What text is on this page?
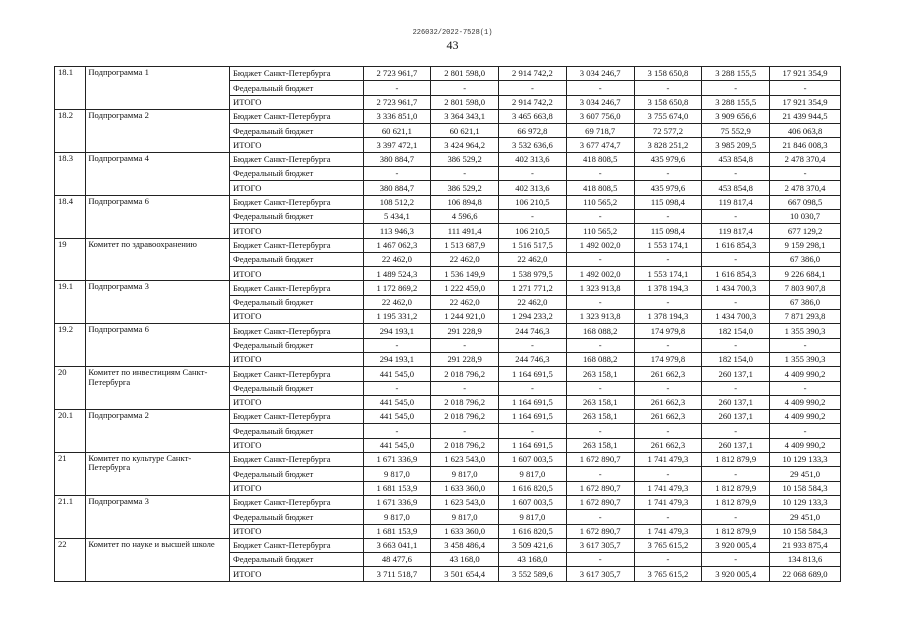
226032/2022-7528(1)
43
18.1	Подпрограмма 1	Бюджет Санкт-Петербурга	2 723 961,7	2 801 598,0	2 914 742,2	3 034 246,7	3 158 650,8	3 288 155,5	17 921 354,9
		Федеральный бюджет	-	-	-	-	-	-	-
		ИТОГО	2 723 961,7	2 801 598,0	2 914 742,2	3 034 246,7	3 158 650,8	3 288 155,5	17 921 354,9
18.2	Подпрограмма 2	Бюджет Санкт-Петербурга	3 336 851,0	3 364 343,1	3 465 663,8	3 607 756,0	3 755 674,0	3 909 656,6	21 439 944,5
		Федеральный бюджет	60 621,1	60 621,1	66 972,8	69 718,7	72 577,2	75 552,9	406 063,8
		ИТОГО	3 397 472,1	3 424 964,2	3 532 636,6	3 677 474,7	3 828 251,2	3 985 209,5	21 846 008,3
18.3	Подпрограмма 4	Бюджет Санкт-Петербурга	380 884,7	386 529,2	402 313,6	418 808,5	435 979,6	453 854,8	2 478 370,4
		Федеральный бюджет	-	-	-	-	-	-	-
		ИТОГО	380 884,7	386 529,2	402 313,6	418 808,5	435 979,6	453 854,8	2 478 370,4
18.4	Подпрограмма 6	Бюджет Санкт-Петербурга	108 512,2	106 894,8	106 210,5	110 565,2	115 098,4	119 817,4	667 098,5
		Федеральный бюджет	5 434,1	4 596,6	-	-	-	-	10 030,7
		ИТОГО	113 946,3	111 491,4	106 210,5	110 565,2	115 098,4	119 817,4	677 129,2
19	Комитет по здравоохранению	Бюджет Санкт-Петербурга	1 467 062,3	1 513 687,9	1 516 517,5	1 492 002,0	1 553 174,1	1 616 854,3	9 159 298,1
		Федеральный бюджет	22 462,0	22 462,0	22 462,0	-	-	-	67 386,0
		ИТОГО	1 489 524,3	1 536 149,9	1 538 979,5	1 492 002,0	1 553 174,1	1 616 854,3	9 226 684,1
19.1	Подпрограмма 3	Бюджет Санкт-Петербурга	1 172 869,2	1 222 459,0	1 271 771,2	1 323 913,8	1 378 194,3	1 434 700,3	7 803 907,8
		Федеральный бюджет	22 462,0	22 462,0	22 462,0	-	-	-	67 386,0
		ИТОГО	1 195 331,2	1 244 921,0	1 294 233,2	1 323 913,8	1 378 194,3	1 434 700,3	7 871 293,8
19.2	Подпрограмма 6	Бюджет Санкт-Петербурга	294 193,1	291 228,9	244 746,3	168 088,2	174 979,8	182 154,0	1 355 390,3
		Федеральный бюджет	-	-	-	-	-	-	-
		ИТОГО	294 193,1	291 228,9	244 746,3	168 088,2	174 979,8	182 154,0	1 355 390,3
20	Комитет по инвестициям Санкт-Петербурга	Бюджет Санкт-Петербурга	441 545,0	2 018 796,2	1 164 691,5	263 158,1	261 662,3	260 137,1	4 409 990,2
		Федеральный бюджет	-	-	-	-	-	-	-
		ИТОГО	441 545,0	2 018 796,2	1 164 691,5	263 158,1	261 662,3	260 137,1	4 409 990,2
20.1	Подпрограмма 2	Бюджет Санкт-Петербурга	441 545,0	2 018 796,2	1 164 691,5	263 158,1	261 662,3	260 137,1	4 409 990,2
		Федеральный бюджет	-	-	-	-	-	-	-
		ИТОГО	441 545,0	2 018 796,2	1 164 691,5	263 158,1	261 662,3	260 137,1	4 409 990,2
21	Комитет по культуре Санкт-Петербурга	Бюджет Санкт-Петербурга	1 671 336,9	1 623 543,0	1 607 003,5	1 672 890,7	1 741 479,3	1 812 879,9	10 129 133,3
		Федеральный бюджет	9 817,0	9 817,0	9 817,0	-	-	-	29 451,0
		ИТОГО	1 681 153,9	1 633 360,0	1 616 820,5	1 672 890,7	1 741 479,3	1 812 879,9	10 158 584,3
21.1	Подпрограмма 3	Бюджет Санкт-Петербурга	1 671 336,9	1 623 543,0	1 607 003,5	1 672 890,7	1 741 479,3	1 812 879,9	10 129 133,3
		Федеральный бюджет	9 817,0	9 817,0	9 817,0	-	-	-	29 451,0
		ИТОГО	1 681 153,9	1 633 360,0	1 616 820,5	1 672 890,7	1 741 479,3	1 812 879,9	10 158 584,3
22	Комитет по науке и высшей школе	Бюджет Санкт-Петербурга	3 663 041,1	3 458 486,4	3 509 421,6	3 617 305,7	3 765 615,2	3 920 005,4	21 933 875,4
		Федеральный бюджет	48 477,6	43 168,0	43 168,0	-	-	-	134 813,6
		ИТОГО	3 711 518,7	3 501 654,4	3 552 589,6	3 617 305,7	3 765 615,2	3 920 005,4	22 068 689,0
